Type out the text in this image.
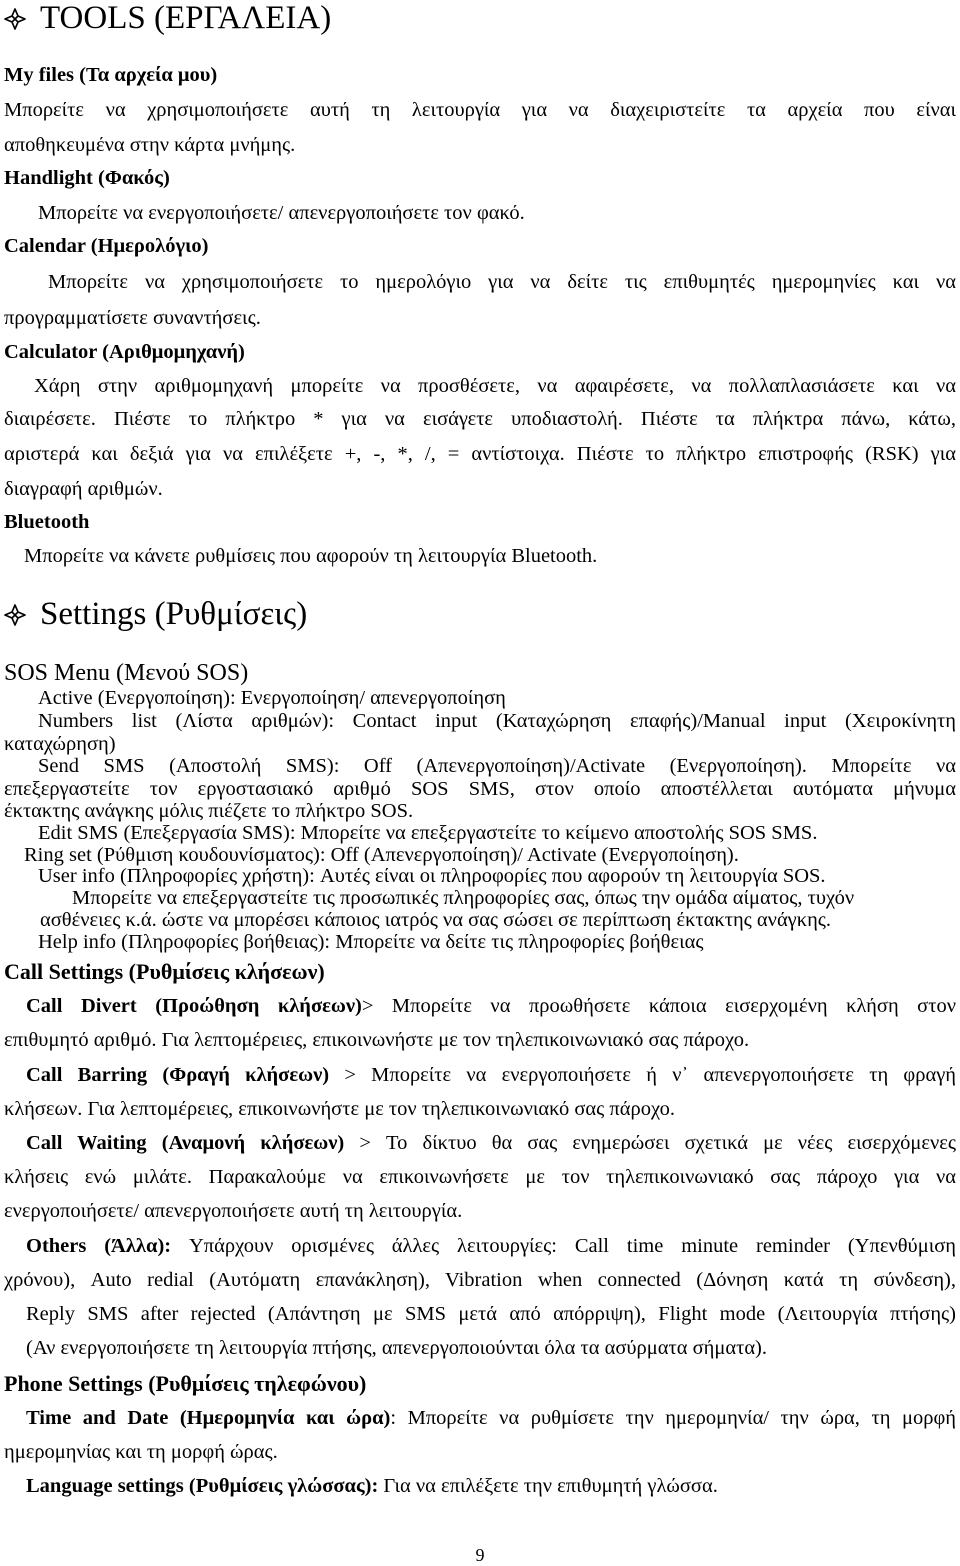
TOOLS (ΕΡΓΑΛΕΙΑ)
My files (Τα αρχεία μου)
Μπορείτε να χρησιμοποιήσετε αυτή τη λειτουργία για να διαχειριστείτε τα αρχεία που είναι
αποθηκευμένα στην κάρτα μνήμης.
Handlight (Φακός)
Μπορείτε να ενεργοποιήσετε/ απενεργοποιήσετε τον φακό.
Calendar (Ημερολόγιο)
Μπορείτε να χρησιμοποιήσετε το ημερολόγιο για να δείτε τις επιθυμητές ημερομηνίες και να
προγραμματίσετε συναντήσεις.
Calculator (Αριθμομηχανή)
Χάρη στην αριθμομηχανή μπορείτε να προσθέσετε, να αφαιρέσετε, να πολλαπλασιάσετε και να
διαιρέσετε. Πιέστε το πλήκτρο * για να εισάγετε υποδιαστολή. Πιέστε τα πλήκτρα πάνω, κάτω,
αριστερά και δεξιά για να επιλέξετε +, -, *, /, = αντίστοιχα. Πιέστε το πλήκτρο επιστροφής (RSK) για
διαγραφή αριθμών.
Bluetooth
Μπορείτε να κάνετε ρυθμίσεις που αφορούν τη λειτουργία Bluetooth.
Settings (Ρυθμίσεις)
SOS Menu (Μενού SOS)
Active (Ενεργοποίηση): Ενεργοποίηση/ απενεργοποίηση
Numbers list (Λίστα αριθμών): Contact input (Καταχώρηση επαφής)/Manual input (Χειροκίνητη
καταχώρηση)
Send SMS (Αποστολή SMS): Off (Απενεργοποίηση)/Activate (Ενεργοποίηση). Μπορείτε να
επεξεργαστείτε τον εργοστασιακό αριθμό SOS SMS, στον οποίο αποστέλλεται αυτόματα μήνυμα
έκτακτης ανάγκης μόλις πιέζετε το πλήκτρο SOS.
Edit SMS (Επεξεργασία SMS): Μπορείτε να επεξεργαστείτε το κείμενο αποστολής SOS SMS.
Ring set (Ρύθμιση κουδουνίσματος): Off (Απενεργοποίηση)/ Activate (Ενεργοποίηση).
User info (Πληροφορίες χρήστη): Αυτές είναι οι πληροφορίες που αφορούν τη λειτουργία SOS.
Μπορείτε να επεξεργαστείτε τις προσωπικές πληροφορίες σας, όπως την ομάδα αίματος, τυχόν
ασθένειες κ.ά. ώστε να μπορέσει κάποιος ιατρός να σας σώσει σε περίπτωση έκτακτης ανάγκης.
Help info (Πληροφορίες βοήθειας): Μπορείτε να δείτε τις πληροφορίες βοήθειας
Call Settings (Ρυθμίσεις κλήσεων)
Call Divert (Προώθηση κλήσεων)> Μπορείτε να προωθήσετε κάποια εισερχομένη κλήση στον
επιθυμητό αριθμό. Για λεπτομέρειες, επικοινωνήστε με τον τηλεπικοινωνιακό σας πάροχο.
Call Barring (Φραγή κλήσεων) > Μπορείτε να ενεργοποιήσετε ή ν᾽ απενεργοποιήσετε τη φραγή
κλήσεων. Για λεπτομέρειες, επικοινωνήστε με τον τηλεπικοινωνιακό σας πάροχο.
Call Waiting (Αναμονή κλήσεων) > Το δίκτυο θα σας ενημερώσει σχετικά με νέες εισερχόμενες
κλήσεις ενώ μιλάτε. Παρακαλούμε να επικοινωνήσετε με τον τηλεπικοινωνιακό σας πάροχο για να
ενεργοποιήσετε/ απενεργοποιήσετε αυτή τη λειτουργία.
Others (Άλλα): Υπάρχουν ορισμένες άλλες λειτουργίες: Call time minute reminder (Υπενθύμιση
χρόνου), Auto redial (Αυτόματη επανάκληση), Vibration when connected (Δόνηση κατά τη σύνδεση),
Reply SMS after rejected (Απάντηση με SMS μετά από απόρριψη), Flight mode (Λειτουργία πτήσης)
(Αν ενεργοποιήσετε τη λειτουργία πτήσης, απενεργοποιούνται όλα τα ασύρματα σήματα).
Phone Settings (Ρυθμίσεις τηλεφώνου)
Time and Date (Ημερομηνία και ώρα): Μπορείτε να ρυθμίσετε την ημερομηνία/ την ώρα, τη μορφή
ημερομηνίας και τη μορφή ώρας.
Language settings (Ρυθμίσεις γλώσσας): Για να επιλέξετε την επιθυμητή γλώσσα.
9
